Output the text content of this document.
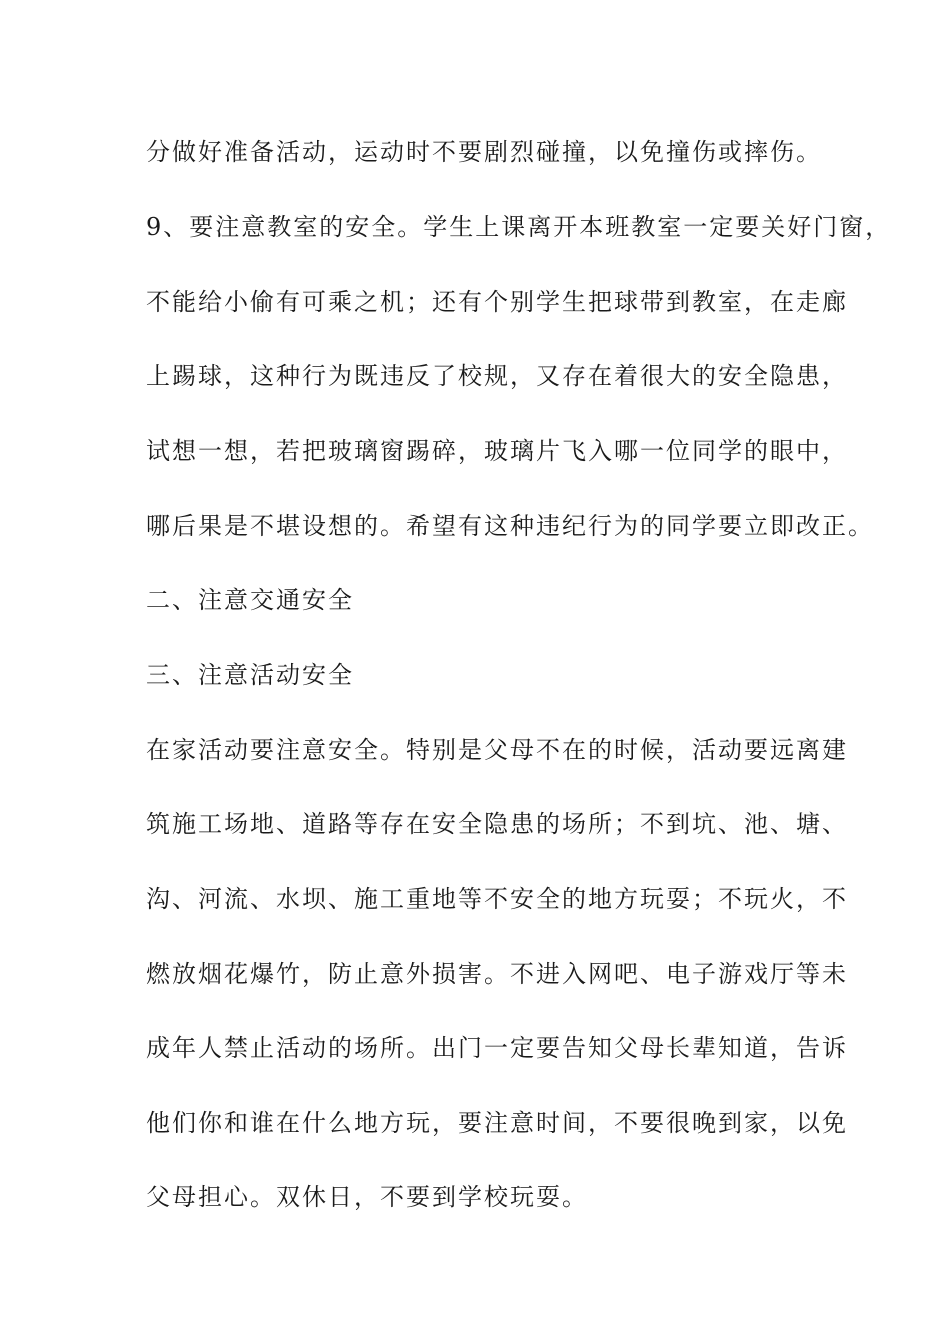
分做好准备活动，运动时不要剧烈碰撞，以免撞伤或摔伤。

9、要注意教室的安全。学生上课离开本班教室一定要关好门窗，

不能给小偷有可乘之机；还有个别学生把球带到教室，在走廊

上踢球，这种行为既违反了校规，又存在着很大的安全隐患，

试想一想，若把玻璃窗踢碎，玻璃片飞入哪一位同学的眼中，

哪后果是不堪设想的。希望有这种违纪行为的同学要立即改正。

二、注意交通安全

三、注意活动安全

在家活动要注意安全。特别是父母不在的时候，活动要远离建

筑施工场地、道路等存在安全隐患的场所；不到坑、池、塘、

沟、河流、水坝、施工重地等不安全的地方玩耍；不玩火，不

燃放烟花爆竹，防止意外损害。不进入网吧、电子游戏厅等未

成年人禁止活动的场所。出门一定要告知父母长辈知道，告诉

他们你和谁在什么地方玩，要注意时间，不要很晚到家，以免

父母担心。双休日，不要到学校玩耍。
